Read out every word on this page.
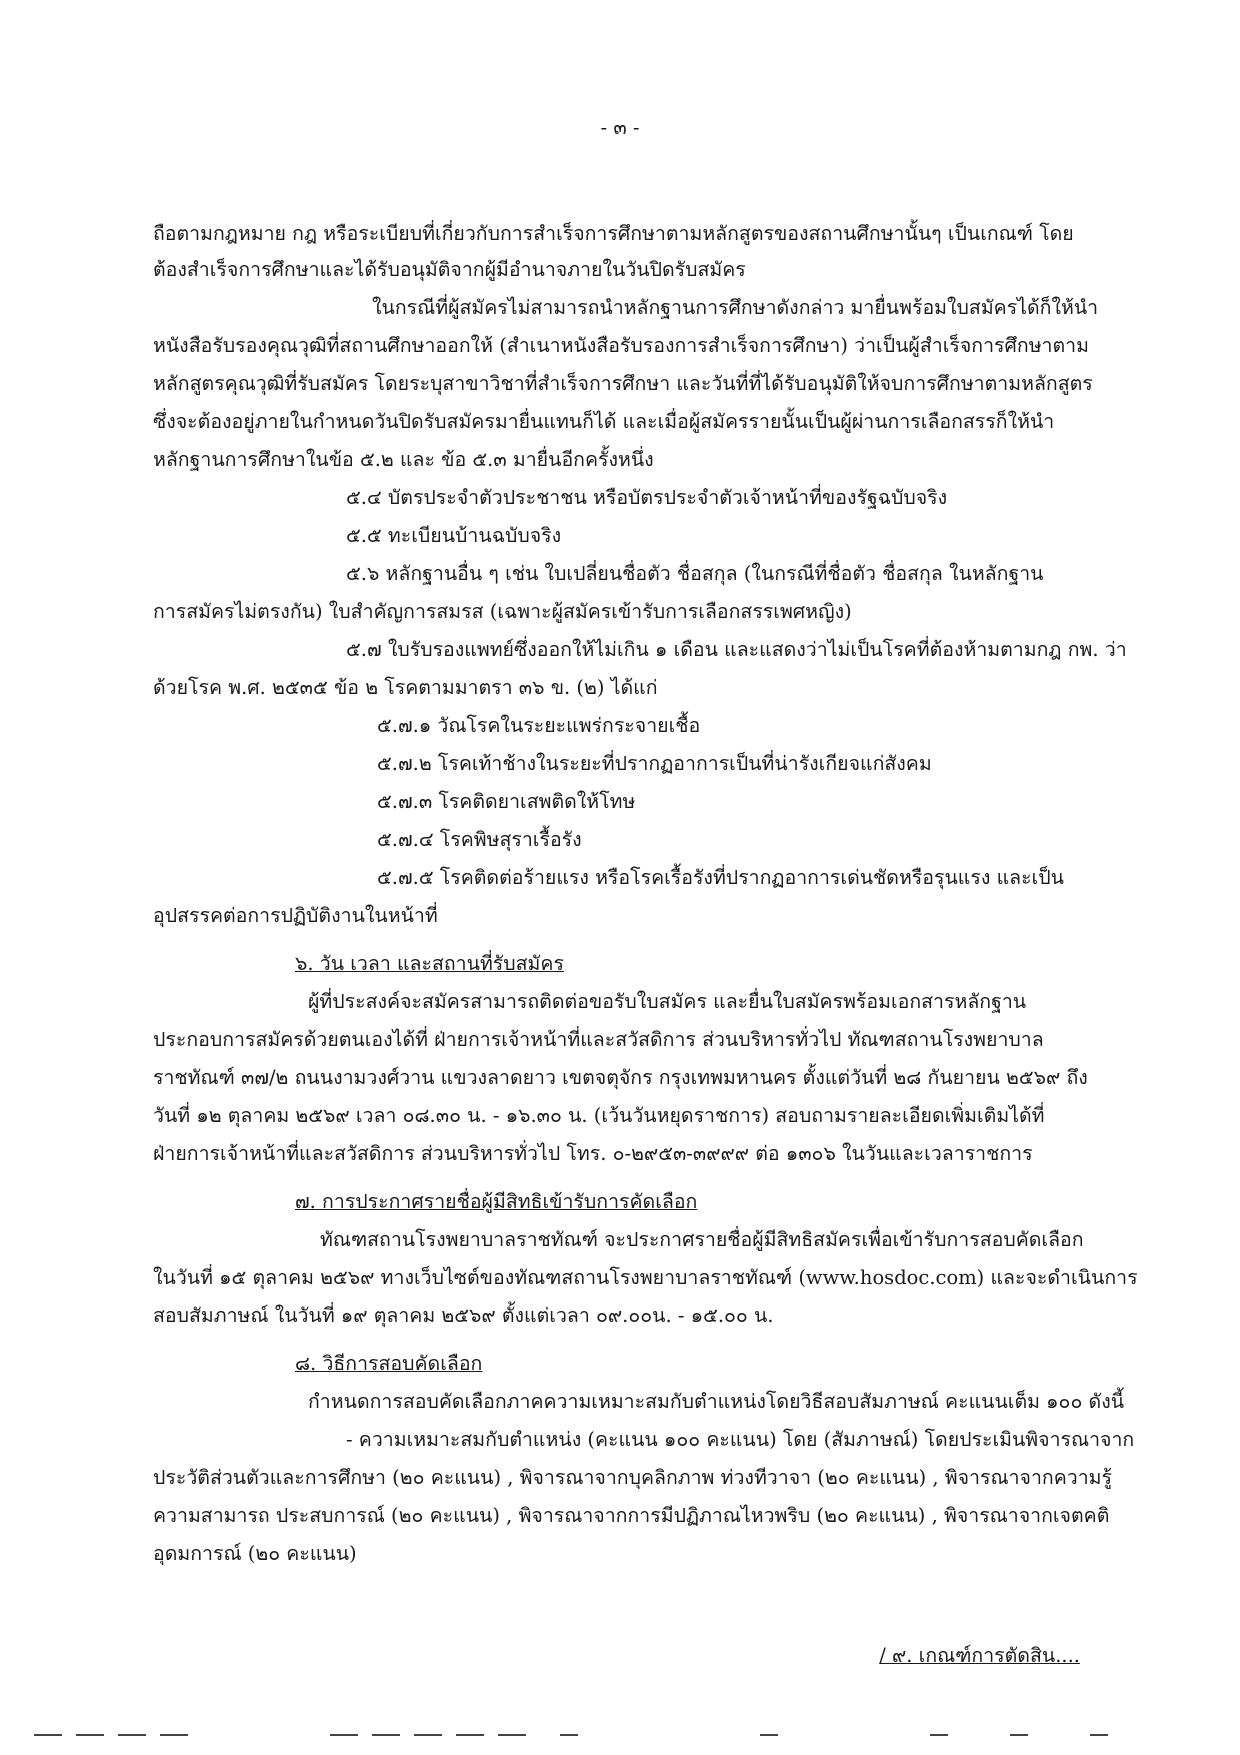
- ๓ -
ถือตามกฎหมาย กฎ หรือระเบียบที่เกี่ยวกับการสำเร็จการศึกษาตามหลักสูตรของสถานศึกษานั้นๆ เป็นเกณฑ์ โดย
ต้องสำเร็จการศึกษาและได้รับอนุมัติจากผู้มีอำนาจภายในวันปิดรับสมัคร
ในกรณีที่ผู้สมัครไม่สามารถนำหลักฐานการศึกษาดังกล่าว มายื่นพร้อมใบสมัครได้ก็ให้นำ
หนังสือรับรองคุณวุฒิที่สถานศึกษาออกให้ (สำเนาหนังสือรับรองการสำเร็จการศึกษา) ว่าเป็นผู้สำเร็จการศึกษาตาม
หลักสูตรคุณวุฒิที่รับสมัคร โดยระบุสาขาวิชาที่สำเร็จการศึกษา และวันที่ที่ได้รับอนุมัติให้จบการศึกษาตามหลักสูตร
ซึ่งจะต้องอยู่ภายในกำหนดวันปิดรับสมัครมายื่นแทนก็ได้ และเมื่อผู้สมัครรายนั้นเป็นผู้ผ่านการเลือกสรรก็ให้นำ
หลักฐานการศึกษาในข้อ ๕.๒ และ ข้อ ๕.๓ มายื่นอีกครั้งหนึ่ง
๕.๔ บัตรประจำตัวประชาชน หรือบัตรประจำตัวเจ้าหน้าที่ของรัฐฉบับจริง
๕.๕ ทะเบียนบ้านฉบับจริง
๕.๖ หลักฐานอื่น ๆ เช่น ใบเปลี่ยนชื่อตัว ชื่อสกุล (ในกรณีที่ชื่อตัว ชื่อสกุล ในหลักฐาน
การสมัครไม่ตรงกัน) ใบสำคัญการสมรส (เฉพาะผู้สมัครเข้ารับการเลือกสรรเพศหญิง)
๕.๗ ใบรับรองแพทย์ซึ่งออกให้ไม่เกิน ๑ เดือน และแสดงว่าไม่เป็นโรคที่ต้องห้ามตามกฎ กพ. ว่า
ด้วยโรค พ.ศ. ๒๕๓๕ ข้อ ๒ โรคตามมาตรา ๓๖ ข. (๒) ได้แก่
๕.๗.๑ วัณโรคในระยะแพร่กระจายเชื้อ
๕.๗.๒ โรคเท้าช้างในระยะที่ปรากฏอาการเป็นที่น่ารังเกียจแก่สังคม
๕.๗.๓ โรคติดยาเสพติดให้โทษ
๕.๗.๔ โรคพิษสุราเรื้อรัง
๕.๗.๕ โรคติดต่อร้ายแรง หรือโรคเรื้อรังที่ปรากฏอาการเด่นชัดหรือรุนแรง และเป็น
อุปสรรคต่อการปฏิบัติงานในหน้าที่
๖. วัน เวลา และสถานที่รับสมัคร
ผู้ที่ประสงค์จะสมัครสามารถติดต่อขอรับใบสมัคร และยื่นใบสมัครพร้อมเอกสารหลักฐาน
ประกอบการสมัครด้วยตนเองได้ที่ ฝ่ายการเจ้าหน้าที่และสวัสดิการ ส่วนบริหารทั่วไป ทัณฑสถานโรงพยาบาล
ราชทัณฑ์ ๓๗/๒ ถนนงามวงศ์วาน แขวงลาดยาว เขตจตุจักร กรุงเทพมหานคร ตั้งแต่วันที่ ๒๘ กันยายน ๒๕๖๙ ถึง
วันที่ ๑๒ ตุลาคม ๒๕๖๙ เวลา ๐๘.๓๐ น. - ๑๖.๓๐ น. (เว้นวันหยุดราชการ) สอบถามรายละเอียดเพิ่มเติมได้ที่
ฝ่ายการเจ้าหน้าที่และสวัสดิการ ส่วนบริหารทั่วไป โทร. ๐-๒๙๕๓-๓๙๙๙ ต่อ ๑๓๐๖ ในวันและเวลาราชการ
๗. การประกาศรายชื่อผู้มีสิทธิเข้ารับการคัดเลือก
ทัณฑสถานโรงพยาบาลราชทัณฑ์ จะประกาศรายชื่อผู้มีสิทธิสมัครเพื่อเข้ารับการสอบคัดเลือก
ในวันที่ ๑๕ ตุลาคม ๒๕๖๙ ทางเว็บไซต์ของทัณฑสถานโรงพยาบาลราชทัณฑ์ (www.hosdoc.com) และจะดำเนินการ
สอบสัมภาษณ์ ในวันที่ ๑๙ ตุลาคม ๒๕๖๙ ตั้งแต่เวลา ๐๙.๐๐น. - ๑๕.๐๐ น.
๘. วิธีการสอบคัดเลือก
กำหนดการสอบคัดเลือกภาคความเหมาะสมกับตำแหน่งโดยวิธีสอบสัมภาษณ์ คะแนนเต็ม ๑๐๐ ดังนี้
- ความเหมาะสมกับตำแหน่ง (คะแนน ๑๐๐ คะแนน) โดย (สัมภาษณ์) โดยประเมินพิจารณาจาก
ประวัติส่วนตัวและการศึกษา (๒๐ คะแนน) , พิจารณาจากบุคลิกภาพ ท่วงทีวาจา (๒๐ คะแนน) , พิจารณาจากความรู้
ความสามารถ ประสบการณ์ (๒๐ คะแนน) , พิจารณาจากการมีปฏิภาณไหวพริบ (๒๐ คะแนน) , พิจารณาจากเจตคติ
อุดมการณ์ (๒๐ คะแนน)
/ ๙. เกณฑ์การตัดสิน....
